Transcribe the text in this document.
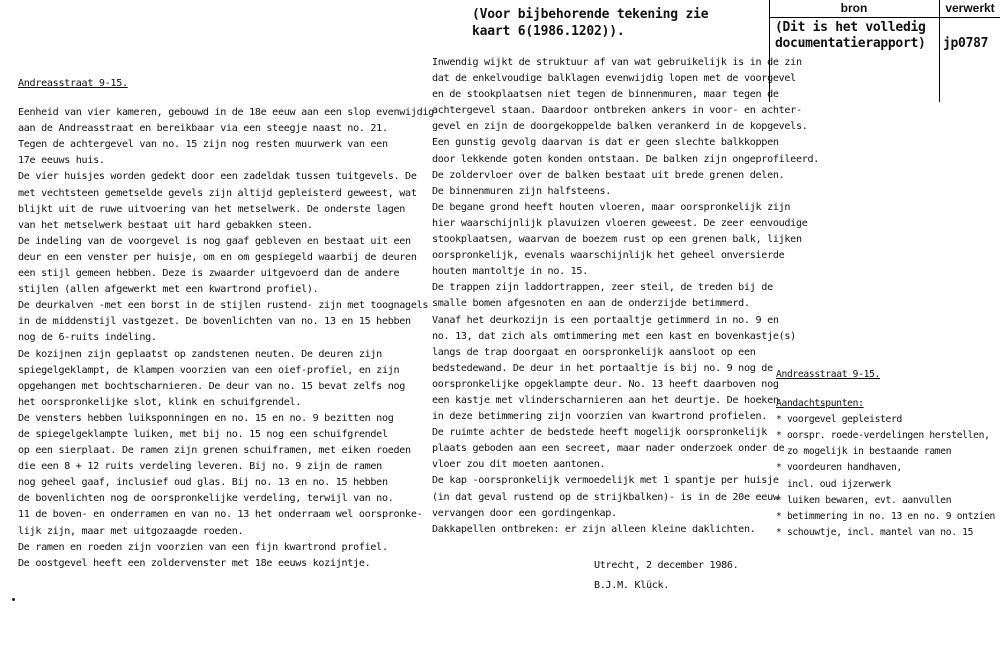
(Voor bijbehorende tekening zie
kaart 6(1986.1202)).
bron	verwerkt
(Dit is het volledig
documentatierapport) jp0787

Andreasstraat 9-15.

Eenheid van vier kameren, gebouwd in de 18e eeuw aan een slop evenwijdig

aan de Andreasstraat en bereikbaar via een steegje naast no. 21.

Tegen de achtergevel van no. 15 zijn nog resten muurwerk van een

17e eeuws huis.

De vier huisjes worden gedekt door een zadeldak tussen tuitgevels. De

met vechtsteen gemetselde gevels zijn altijd gepleisterd geweest, wat

blijkt uit de ruwe uitvoering van het metselwerk. De onderste lagen

van het metselwerk bestaat uit hard gebakken steen.

De indeling van de voorgevel is nog gaaf gebleven en bestaat uit een

deur en een venster per huisje, om en om gespiegeld waarbij de deuren

een stijl gemeen hebben. Deze is zwaarder uitgevoerd dan de andere

stijlen (allen afgewerkt met een kwartrond profiel).

De deurkalven -met een borst in de stijlen rustend- zijn met toognagels

in de middenstijl vastgezet. De bovenlichten van no. 13 en 15 hebben

nog de 6-ruits indeling.

De kozijnen zijn geplaatst op zandstenen neuten. De deuren zijn

spiegelgeklampt, de klampen voorzien van een oief-profiel, en zijn

opgehangen met bochtscharnieren. De deur van no. 15 bevat zelfs nog

het oorspronkelijke slot, klink en schuifgrendel.

De vensters hebben luiksponningen en no. 15 en no. 9 bezitten nog

de spiegelgeklampte luiken, met bij no. 15 nog een schuifgrendel

op een sierplaat. De ramen zijn grenen schuiframen, met eiken roeden

die een 8 + 12 ruits verdeling leveren. Bij no. 9 zijn de ramen

nog geheel gaaf, inclusief oud glas. Bij no. 13 en no. 15 hebben

de bovenlichten nog de oorspronkelijke verdeling, terwijl van no.

11 de boven- en onderramen en van no. 13 het onderraam wel oorspronke-

lijk zijn, maar met uitgozaagde roeden.

De ramen en roeden zijn voorzien van een fijn kwartrond profiel.

De oostgevel heeft een zoldervenster met 18e eeuws kozijntje.

Inwendig wijkt de struktuur af van wat gebruikelijk is in de zin

dat de enkelvoudige balklagen evenwijdig lopen met de voorgevel

en de stookplaatsen niet tegen de binnenmuren, maar tegen de

achtergevel staan. Daardoor ontbreken ankers in voor- en achter-

gevel en zijn de doorgekoppelde balken verankerd in de kopgevels.

Een gunstig gevolg daarvan is dat er geen slechte balkkoppen

door lekkende goten konden ontstaan. De balken zijn ongeprofileerd.

De zoldervloer over de balken bestaat uit brede grenen delen.

De binnenmuren zijn halfsteens.

De begane grond heeft houten vloeren, maar oorspronkelijk zijn

hier waarschijnlijk plavuizen vloeren geweest. De zeer eenvoudige

stookplaatsen, waarvan de boezem rust op een grenen balk, lijken

oorspronkelijk, evenals waarschijnlijk het geheel onversierde

houten mantoltje in no. 15.

De trappen zijn laddortrappen, zeer steil, de treden bij de

smalle bomen afgesnoten en aan de onderzijde betimmerd.

Vanaf het deurkozijn is een portaaltje getimmerd in no. 9 en

no. 13, dat zich als omtimmering met een kast en bovenkastje(s)

langs de trap doorgaat en oorspronkelijk aansloot op een

bedstedewand. De deur in het portaaltje is bij no. 9 nog de

oorspronkelijke opgeklampte deur. No. 13 heeft daarboven nog

een kastje met vlinderscharnieren aan het deurtje. De hoeken

in deze betimmering zijn voorzien van kwartrond profielen.

De ruimte achter de bedstede heeft mogelijk oorspronkelijk

plaats geboden aan een secreet, maar nader onderzoek onder de

vloer zou dit moeten aantonen.

De kap -oorspronkelijk vermoedelijk met 1 spantje per huisje

(in dat geval rustend op de strijkbalken)- is in de 20e eeuw

vervangen door een gordingenkap.

Dakkapellen ontbreken: er zijn alleen kleine daklichten.

Utrecht, 2 december 1986.

B.J.M. Klück.

Andreasstraat 9-15.

Aandachtspunten:

* voorgevel gepleisterd

* oorspr. roede-verdelingen herstellen,

zo mogelijk in bestaande ramen

* voordeuren handhaven,

incl. oud ijzerwerk

* luiken bewaren, evt. aanvullen

* betimmering in no. 13 en no. 9 ontzien

* schouwtje, incl. mantel van no. 15
